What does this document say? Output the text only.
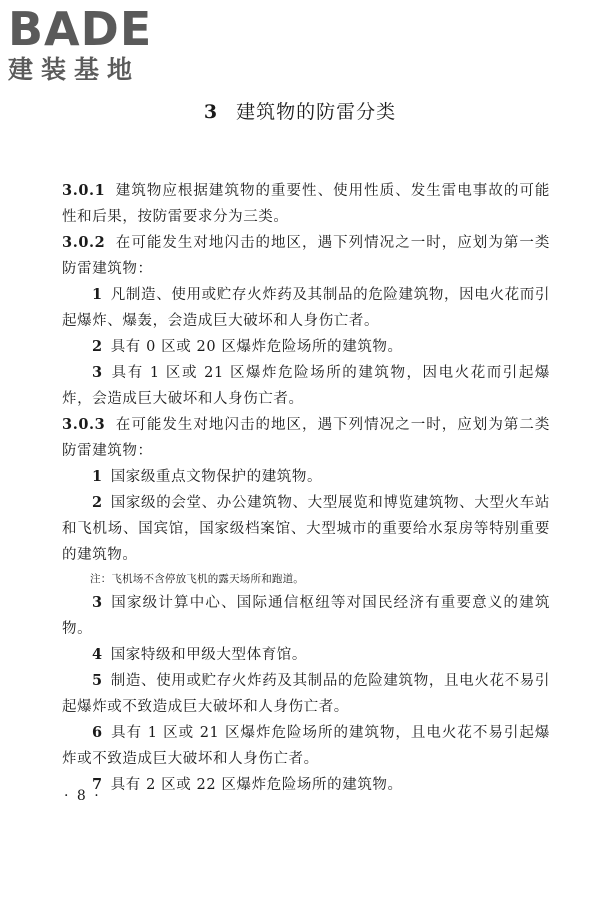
BADE
建装基地
3 建筑物的防雷分类

3.0.1 建筑物应根据建筑物的重要性、使用性质、发生雷电事故的可能性和后果，按防雷要求分为三类。

3.0.2 在可能发生对地闪击的地区，遇下列情况之一时，应划为第一类防雷建筑物：

1 凡制造、使用或贮存火炸药及其制品的危险建筑物，因电火花而引起爆炸、爆轰，会造成巨大破坏和人身伤亡者。

2 具有 0 区或 20 区爆炸危险场所的建筑物。

3 具有 1 区或 21 区爆炸危险场所的建筑物，因电火花而引起爆炸，会造成巨大破坏和人身伤亡者。

3.0.3 在可能发生对地闪击的地区，遇下列情况之一时，应划为第二类防雷建筑物：

1 国家级重点文物保护的建筑物。

2 国家级的会堂、办公建筑物、大型展览和博览建筑物、大型火车站和飞机场、国宾馆，国家级档案馆、大型城市的重要给水泵房等特别重要的建筑物。

注：飞机场不含停放飞机的露天场所和跑道。

3 国家级计算中心、国际通信枢纽等对国民经济有重要意义的建筑物。

4 国家特级和甲级大型体育馆。

5 制造、使用或贮存火炸药及其制品的危险建筑物，且电火花不易引起爆炸或不致造成巨大破坏和人身伤亡者。

6 具有 1 区或 21 区爆炸危险场所的建筑物，且电火花不易引起爆炸或不致造成巨大破坏和人身伤亡者。

7 具有 2 区或 22 区爆炸危险场所的建筑物。

· 8 ·
